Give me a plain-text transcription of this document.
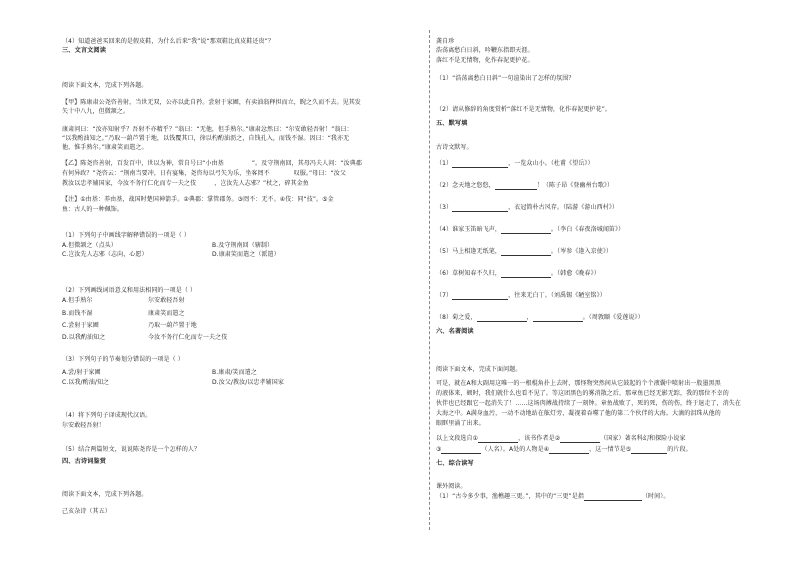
（4）知道爸爸买回来的是假皮鞋，为什么后来“我”说“那双鞋比真皮鞋还贵”？
三、文言文阅读
阅读下面文本，完成下列各题。
【甲】陈康肃公尧咨善射，当世无双，公亦以此自矜。尝射于家圃，有卖油翁释担而立，睨之久而不去。见其发
矢十中八九，但微颔之。
康肃问曰：“汝亦知射乎？吾射不亦精乎？”翁曰：“无他，但手熟尔。”康肃忿然曰：“尔安敢轻吾射！”翁曰：
“以我酌油知之。”乃取一葫芦置于地，以钱覆其口，徐以杓酌油沥之，自钱孔入，而钱不湿。因曰：“我亦无
他，惟手熟尔。”康肃笑而遣之。
【乙】陈尧咨善射，百发百中，世以为神，常自号曰“小由基	”。及守荆南回，其母冯夫人问：“汝典郡
有何异政？”尧咨云：“荆南当要冲，日有宴集，尧咨每以弓矢为乐，坐客罔不	叹服。”母曰：“汝父
教汝以忠孝辅国家，今汝不务行仁化而专一夫之伎	，岂汝先人志邪？”杖之，碎其金鱼
【注】①由基：养由基，战国时楚国神箭手。②典郡：掌管郡务。③罔不：无不。④伎：同“技”。⑤金
鱼：古人的一种佩饰。
（1）下列句子中画线字解释错误的一项是（ ）
A.但微颔之（点头）	B.及守荆南回（辖制）
C.岂汝先人志邪（志向，心愿）	D.康肃笑而遣之（派遣）
（2）下列画线词语意义和用法相同的一项是（ ）
A.但手熟尔	尔安敢轻吾射
B.而钱不湿	康肃笑而遣之
C.尝射于家圃	乃取一葫芦置于地
D.以我酌油知之	今汝不务行仁化而专一夫之伎
（3）下列句子的节奏划分错误的一项是（ ）
A.尝/射于家圃	B.康肃/笑而遣之
C.以我/酌油/知之	D.汝父/教汝/以忠孝辅国家
（4）将下列句子译成现代汉语。
尔安敢轻吾射！
（5）结合两篇短文，说说陈尧咨是一个怎样的人？
四、古诗词鉴赏
阅读下面文本，完成下列各题。
己亥杂诗（其五）
龚自珍
浩荡离愁白日斜，吟鞭东指即天涯。
落红不是无情物，化作春泥更护花。
（1）“浩荡离愁白日斜”一句渲染出了怎样的氛围？
（2）请从修辞的角度赏析“落红不是无情物，化作春泥更护花”。
五、默写填
古诗文默写。
（1）	，一览众山小。（杜甫《望岳》）
（2）念天地之悠悠，	！（陈子昂《登幽州台歌》）
（3）	，衣冠简朴古风存。（陆游《游山西村》）
（4）谁家玉笛暗飞声，	。（李白《春夜洛城闻笛》）
（5）马上相逢无纸笔，	。（岑参《逢入京使》）
（6）草树知春不久归，	。（韩愈《晚春》）
（7）	，往来无白丁。（刘禹锡《陋室铭》）
（8）菊之爱，	，	。（周敦颐《爱莲说》）
六、名著阅读
阅读下面文本，完成下面问题。
可是，就在A和大副用这唯一的一根棍角扑上去时，那怪物突然间从它鼓起的个个液囊中喷射出一股墨黑黑
的液体来，顿时，我们就什么也看不见了。等这团黑色的雾消散之后，那章鱼已经无影无踪，我的那位不幸的
伙伴也已经跟它一起消失了！……这场肉搏战持续了一刻钟。章鱼战败了，死的死，伤的伤，终于退走了，消失在
大海之中。A满身血污，一动不动地站在舷灯旁，凝视着吞噬了他的第二个伙伴的大海。大滴的泪珠从他的
眼眶里涌了出来。
以上文段选自①	，该书作者是②	（国家）著名科幻和探险小说家
③	（人名）。A处的人物是④	，这一情节是⑤	的片段。
七、综合读写
课外阅读。
（1）“古今多少事，渔樵趣三更。”，其中的“三更”是指	（时间）。
